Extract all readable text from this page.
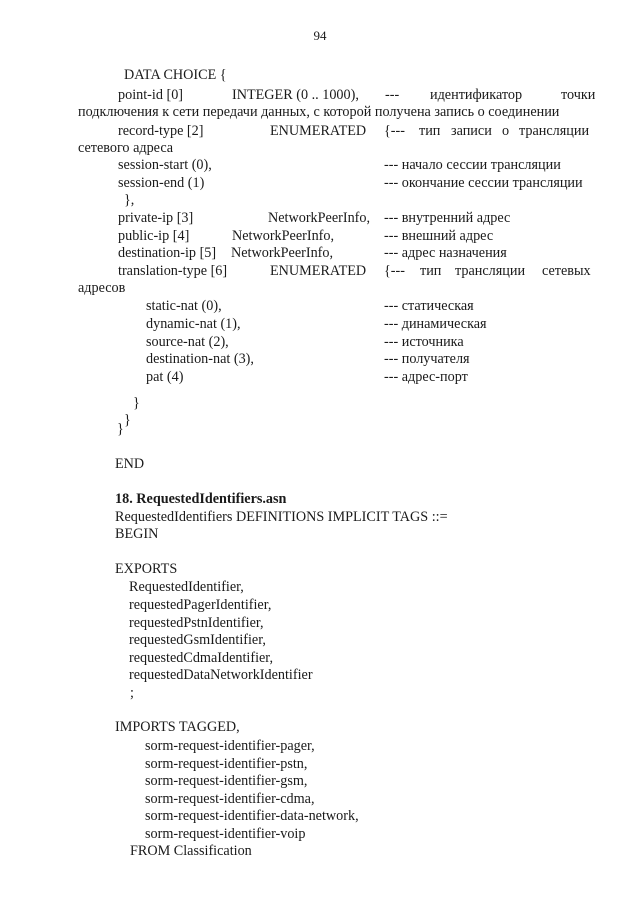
94
DATA CHOICE {
point-id [0]	INTEGER (0 .. 1000), --- идентификатор	точки
подключения к сети передачи данных, с которой получена запись о соединении
record-type [2]	ENUMERATED {--- тип записи о трансляции
сетевого адреса
session-start (0),	--- начало сессии трансляции
session-end (1)	--- окончание сессии трансляции
},
private-ip [3]	NetworkPeerInfo, --- внутренний адрес
public-ip [4]	NetworkPeerInfo,	--- внешний адрес
destination-ip [5] NetworkPeerInfo,	--- адрес назначения
translation-type [6]	ENUMERATED {--- тип трансляции сетевых
адресов
static-nat (0),	--- статическая
dynamic-nat (1),	--- динамическая
source-nat (2),	--- источника
destination-nat (3),	--- получателя
pat (4)	--- адрес-порт
}
}
}
END
18. RequestedIdentifiers.asn
RequestedIdentifiers DEFINITIONS IMPLICIT TAGS ::=
BEGIN
EXPORTS
RequestedIdentifier,
requestedPagerIdentifier,
requestedPstnIdentifier,
requestedGsmIdentifier,
requestedCdmaIdentifier,
requestedDataNetworkIdentifier
;
IMPORTS TAGGED,
sorm-request-identifier-pager,
sorm-request-identifier-pstn,
sorm-request-identifier-gsm,
sorm-request-identifier-cdma,
sorm-request-identifier-data-network,
sorm-request-identifier-voip
FROM Classification
